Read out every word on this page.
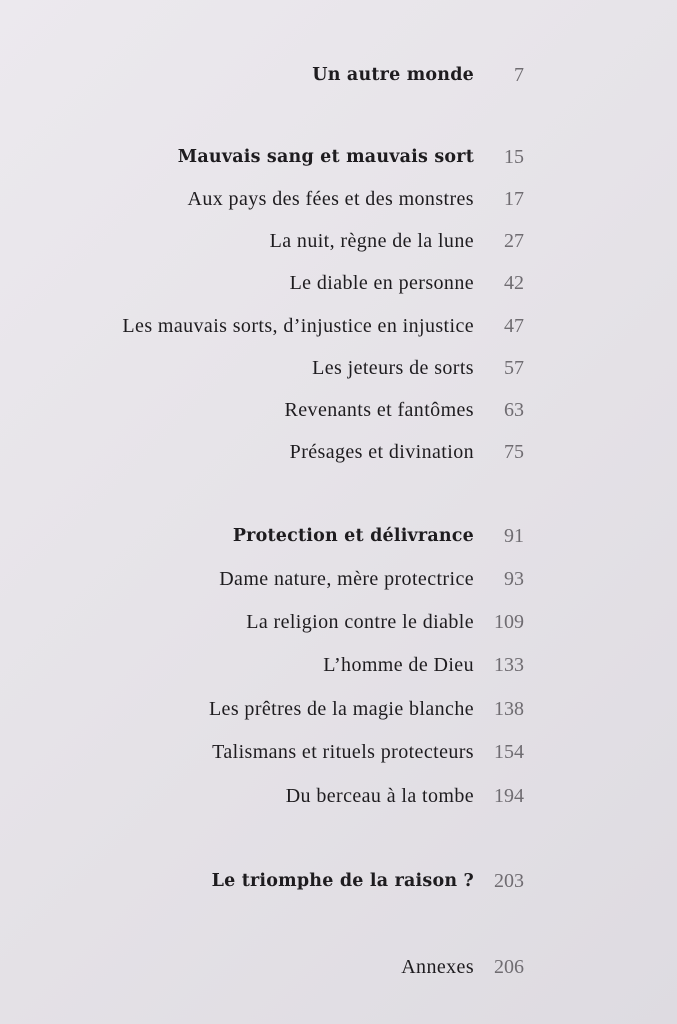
Un autre monde	7
Mauvais sang et mauvais sort	15
Aux pays des fées et des monstres	17
La nuit, règne de la lune	27
Le diable en personne	42
Les mauvais sorts, d’injustice en injustice	47
Les jeteurs de sorts	57
Revenants et fantômes	63
Présages et divination	75
Protection et délivrance	91
Dame nature, mère protectrice	93
La religion contre le diable 109
L’homme de Dieu 133
Les prêtres de la magie blanche 138
Talismans et rituels protecteurs 154
Du berceau à la tombe 194
Le triomphe de la raison ? 203
Annexes 206
